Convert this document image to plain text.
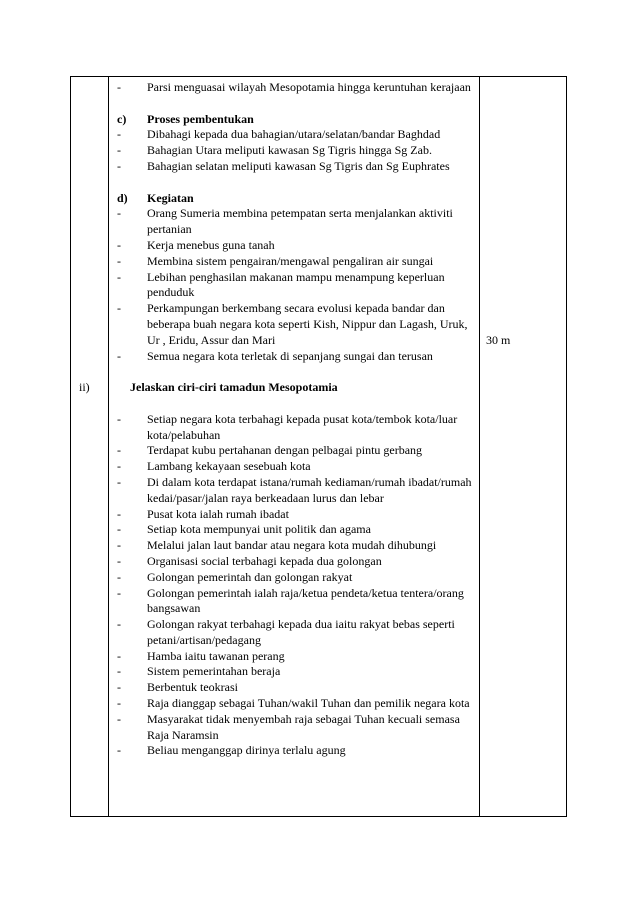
- Parsi menguasai wilayah Mesopotamia hingga keruntuhan kerajaan
c) Proses pembentukan
- Dibahagi kepada dua bahagian/utara/selatan/bandar Baghdad
- Bahagian Utara meliputi kawasan Sg Tigris hingga Sg Zab.
- Bahagian selatan meliputi kawasan Sg Tigris dan Sg Euphrates
d) Kegiatan
- Orang Sumeria membina petempatan serta menjalankan aktiviti pertanian
- Kerja menebus guna tanah
- Membina sistem pengairan/mengawal pengaliran air sungai
- Lebihan penghasilan makanan mampu menampung keperluan penduduk
- Perkampungan berkembang secara evolusi kepada bandar dan beberapa buah negara kota seperti Kish, Nippur dan Lagash, Uruk, Ur , Eridu, Assur dan Mari
- Semua negara kota terletak di sepanjang sungai dan terusan
ii)	Jelaskan ciri-ciri tamadun Mesopotamia
- Setiap negara kota terbahagi kepada pusat kota/tembok kota/luar kota/pelabuhan
- Terdapat kubu pertahanan dengan pelbagai pintu gerbang
- Lambang kekayaan sesebuah kota
- Di dalam kota terdapat istana/rumah kediaman/rumah ibadat/rumah kedai/pasar/jalan raya berkeadaan lurus dan lebar
- Pusat kota ialah rumah ibadat
- Setiap kota mempunyai unit politik dan agama
- Melalui jalan laut bandar atau negara kota mudah dihubungi
- Organisasi social terbahagi kepada dua golongan
- Golongan pemerintah dan golongan rakyat
- Golongan pemerintah ialah raja/ketua pendeta/ketua tentera/orang bangsawan
- Golongan rakyat terbahagi kepada dua iaitu rakyat bebas seperti petani/artisan/pedagang
- Hamba iaitu tawanan perang
- Sistem pemerintahan beraja
- Berbentuk teokrasi
- Raja dianggap sebagai Tuhan/wakil Tuhan dan pemilik negara kota
- Masyarakat tidak menyembah raja sebagai Tuhan kecuali semasa Raja Naramsin
- Beliau menganggap dirinya terlalu agung
30 m
